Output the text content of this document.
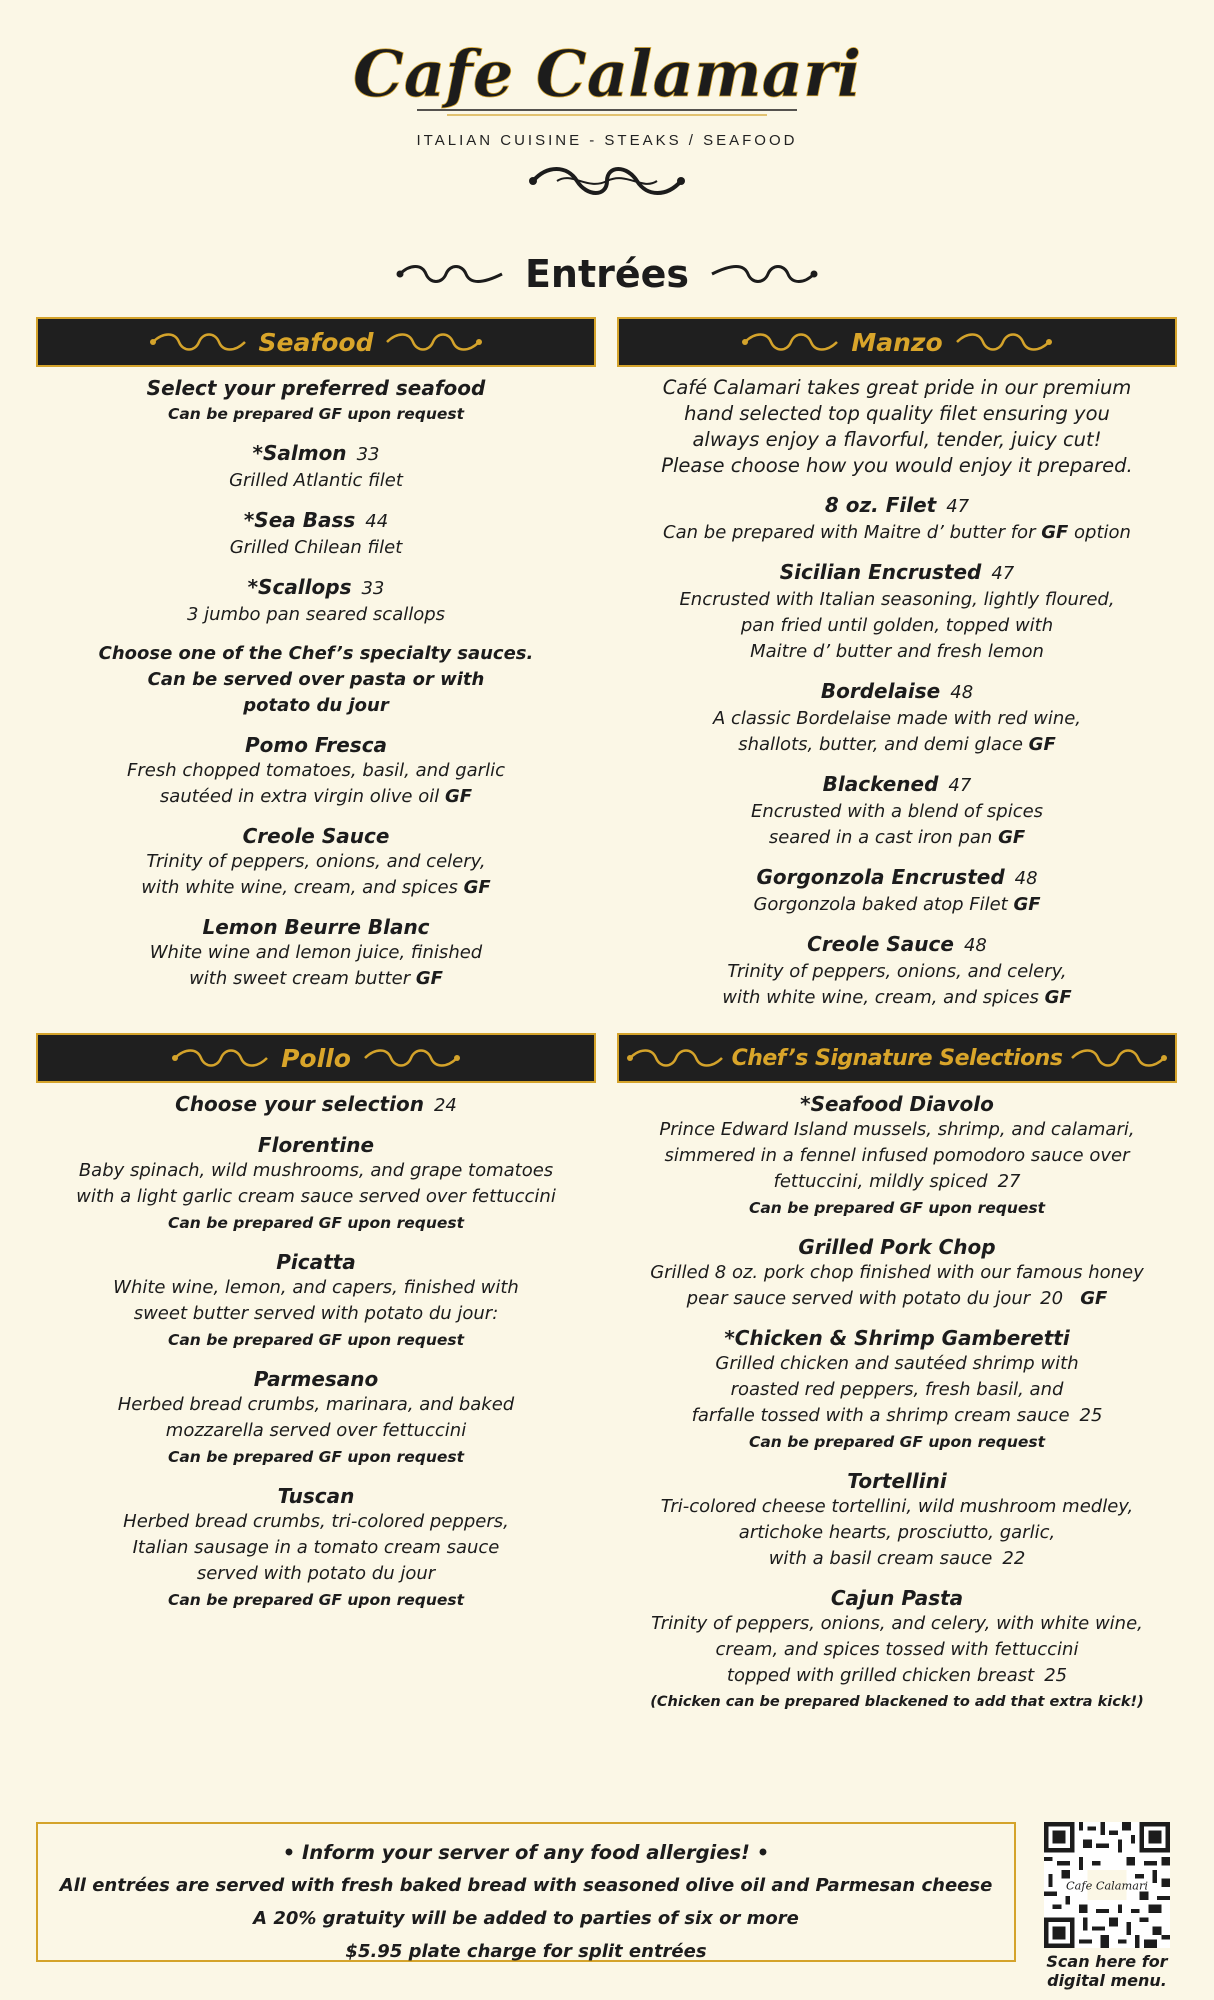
Cafe Calamari
ITALIAN CUISINE - STEAKS / SEAFOOD
Entrées
Seafood
Select your preferred seafood
Can be prepared GF upon request
*Salmon 33
Grilled Atlantic filet
*Sea Bass 44
Grilled Chilean filet
*Scallops 33
3 jumbo pan seared scallops
Choose one of the Chef’s specialty sauces.
Can be served over pasta or with
potato du jour
Pomo Fresca
Fresh chopped tomatoes, basil, and garlic
sautéed in extra virgin olive oil GF
Creole Sauce
Trinity of peppers, onions, and celery,
with white wine, cream, and spices GF
Lemon Beurre Blanc
White wine and lemon juice, finished
with sweet cream butter GF
Manzo
Café Calamari takes great pride in our premium
hand selected top quality filet ensuring you
always enjoy a flavorful, tender, juicy cut!
Please choose how you would enjoy it prepared.
8 oz. Filet 47
Can be prepared with Maitre d’ butter for GF option
Sicilian Encrusted 47
Encrusted with Italian seasoning, lightly floured,
pan fried until golden, topped with
Maitre d’ butter and fresh lemon
Bordelaise 48
A classic Bordelaise made with red wine,
shallots, butter, and demi glace GF
Blackened 47
Encrusted with a blend of spices
seared in a cast iron pan GF
Gorgonzola Encrusted 48
Gorgonzola baked atop Filet GF
Creole Sauce 48
Trinity of peppers, onions, and celery,
with white wine, cream, and spices GF
Pollo
Choose your selection 24
Florentine
Baby spinach, wild mushrooms, and grape tomatoes
with a light garlic cream sauce served over fettuccini
Can be prepared GF upon request
Picatta
White wine, lemon, and capers, finished with
sweet butter served with potato du jour:
Can be prepared GF upon request
Parmesano
Herbed bread crumbs, marinara, and baked
mozzarella served over fettuccini
Can be prepared GF upon request
Tuscan
Herbed bread crumbs, tri-colored peppers,
Italian sausage in a tomato cream sauce
served with potato du jour
Can be prepared GF upon request
Chef’s Signature Selections
*Seafood Diavolo
Prince Edward Island mussels, shrimp, and calamari,
simmered in a fennel infused pomodoro sauce over
fettuccini, mildly spiced 27
Can be prepared GF upon request
Grilled Pork Chop
Grilled 8 oz. pork chop finished with our famous honey
pear sauce served with potato du jour 20 GF
*Chicken & Shrimp Gamberetti
Grilled chicken and sautéed shrimp with
roasted red peppers, fresh basil, and
farfalle tossed with a shrimp cream sauce 25
Can be prepared GF upon request
Tortellini
Tri-colored cheese tortellini, wild mushroom medley,
artichoke hearts, prosciutto, garlic,
with a basil cream sauce 22
Cajun Pasta
Trinity of peppers, onions, and celery, with white wine,
cream, and spices tossed with fettuccini
topped with grilled chicken breast 25
(Chicken can be prepared blackened to add that extra kick!)
• Inform your server of any food allergies! •
All entrées are served with fresh baked bread with seasoned olive oil and Parmesan cheese
A 20% gratuity will be added to parties of six or more
$5.95 plate charge for split entrées
Cafe Calamari
Scan here for
digital menu.
